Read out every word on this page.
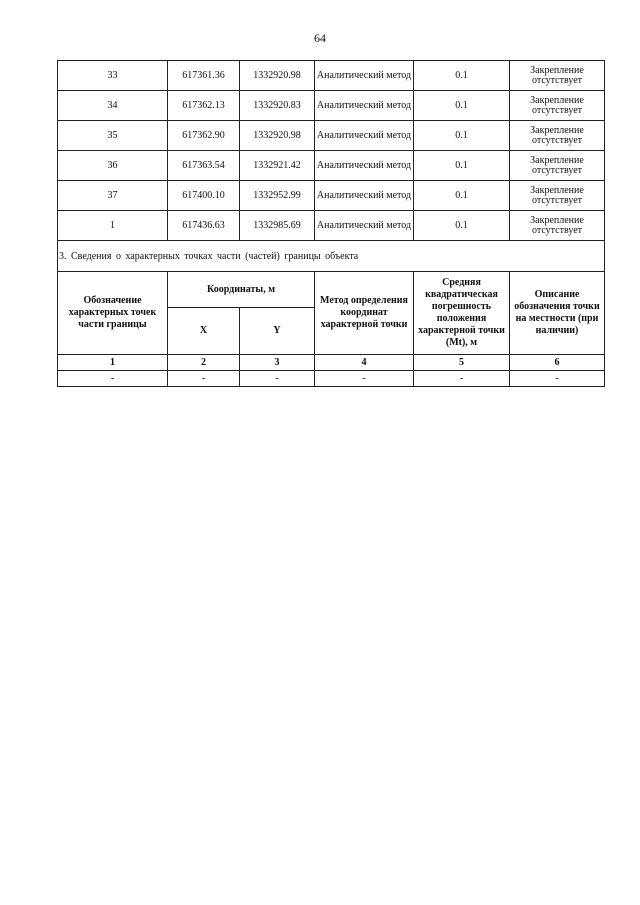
64
33	617361.36	1332920.98	Аналитический метод	0.1	Закрепление отсутствует
34	617362.13	1332920.83	Аналитический метод	0.1	Закрепление отсутствует
35	617362.90	1332920.98	Аналитический метод	0.1	Закрепление отсутствует
36	617363.54	1332921.42	Аналитический метод	0.1	Закрепление отсутствует
37	617400.10	1332952.99	Аналитический метод	0.1	Закрепление отсутствует
1	617436.63	1332985.69	Аналитический метод	0.1	Закрепление отсутствует
3. Сведения о характерных точках части (частей) границы объекта					
Обозначение характерных точек части границы	Координаты, м		Метод определения координат характерной точки	Средняя квадратическая погрешность положения характерной точки (Mt), м	Описание обозначения точки на местности (при наличии)
	X	Y			
1	2	3	4	5	6
-	-	-	-	-	-
